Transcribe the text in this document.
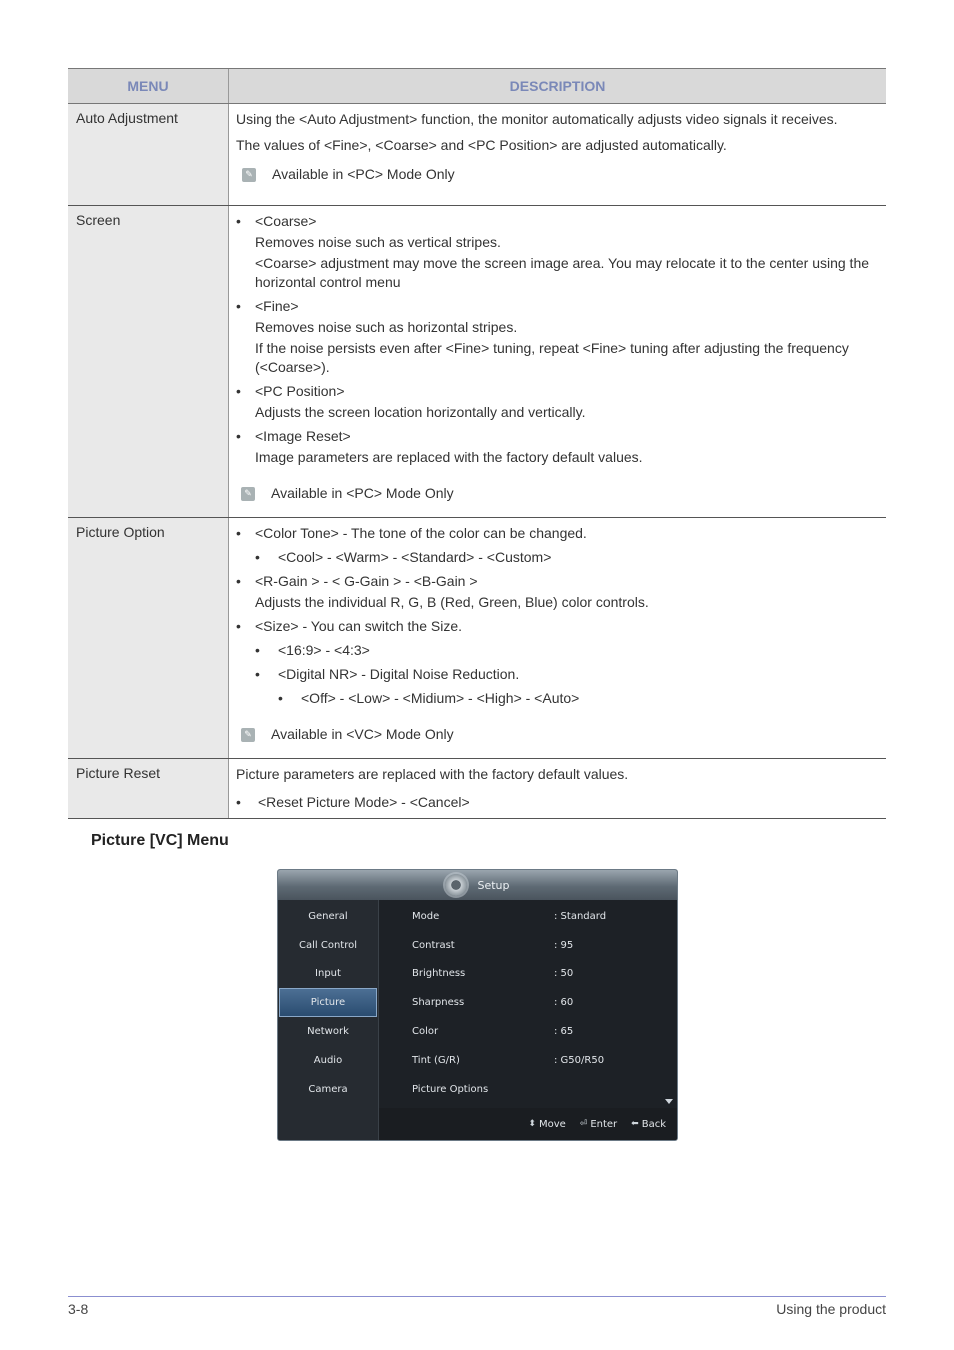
MENU	DESCRIPTION
Auto Adjustment	Using the <Auto Adjustment> function, the monitor automatically adjusts video signals it receives.
The values of <Fine>, <Coarse> and <PC Position> are adjusted automatically.
✎ Available in <PC> Mode Only
Screen	• <Coarse>
Removes noise such as vertical stripes.
<Coarse> adjustment may move the screen image area. You may relocate it to the center using the horizontal control menu
• <Fine>
Removes noise such as horizontal stripes.
If the noise persists even after <Fine> tuning, repeat <Fine> tuning after adjusting the frequency (<Coarse>).
• <PC Position>
Adjusts the screen location horizontally and vertically.
• <Image Reset>
Image parameters are replaced with the factory default values.
✎ Available in <PC> Mode Only
Picture Option	• <Color Tone> - The tone of the color can be changed.
• <Cool> - <Warm> - <Standard> - <Custom>
• <R-Gain > - < G-Gain > - <B-Gain >
Adjusts the individual R, G, B (Red, Green, Blue) color controls.
• <Size> - You can switch the Size.
• <16:9> - <4:3>
• <Digital NR> - Digital Noise Reduction.
• <Off> - <Low> - <Midium> - <High> - <Auto>
✎ Available in <VC> Mode Only
Picture Reset	Picture parameters are replaced with the factory default values.
• <Reset Picture Mode> - <Cancel>
Picture [VC] Menu
Setup
General
Call Control
Input
Picture
Network
Audio
Camera
Mode	: Standard
Contrast	: 95
Brightness	: 50
Sharpness	: 60
Color	: 65
Tint (G/R)	: G50/R50
Picture Options
⬍ Move ⏎ Enter ⬅ Back
3-8	Using the product
